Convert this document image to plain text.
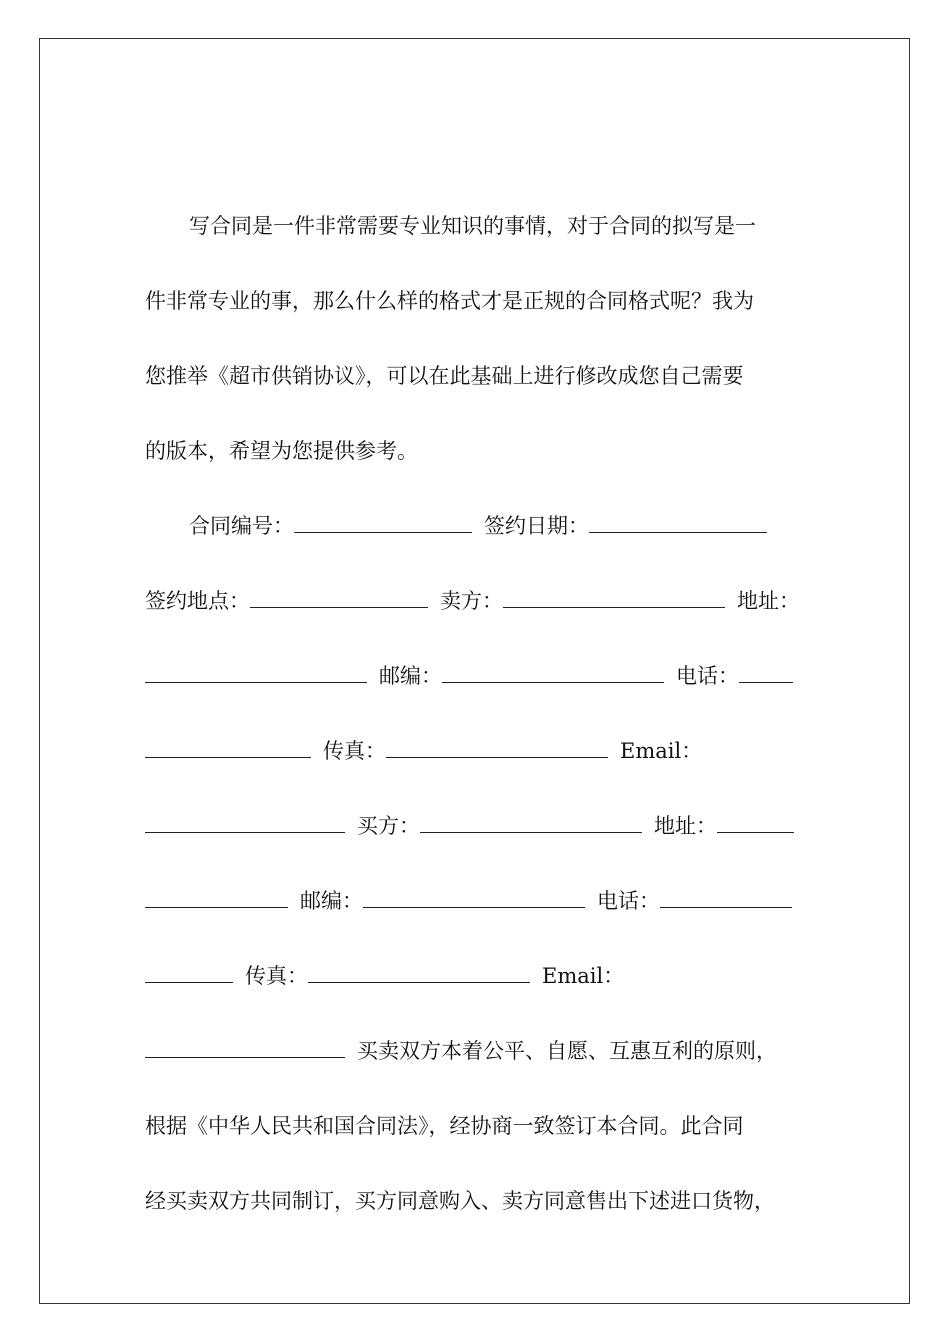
写合同是一件非常需要专业知识的事情，对于合同的拟写是一
件非常专业的事，那么什么样的格式才是正规的合同格式呢？我为
您推举《超市供销协议》，可以在此基础上进行修改成您自己需要
的版本，希望为您提供参考。
合同编号：	签约日期：
签约地点：	卖方：	地址：
邮编：	电话：
传真：	Email：
买方：	地址：
邮编：	电话：
传真：	Email：
买卖双方本着公平、自愿、互惠互利的原则，
根据《中华人民共和国合同法》，经协商一致签订本合同。此合同
经买卖双方共同制订，买方同意购入、卖方同意售出下述进口货物，
